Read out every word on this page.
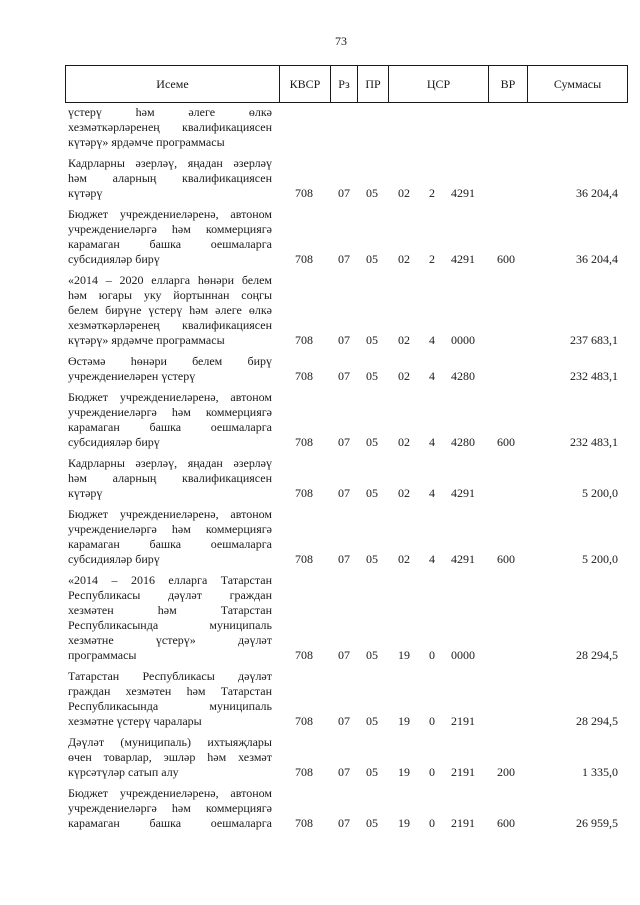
73
Исеме	КВСР	Рз	ПР	ЦСР	ВР	Суммасы
үстерү һәм әлеге өлкә
хезмәткәрләренең квалификациясен
күтәрү» ярдәмче программасы
Кадрларны әзерләү, яңадан әзерләү
һәм аларның квалификациясен
күтәрү	708	07	05	02	2	4291	36 204,4
Бюджет учреждениеләренә, автоном
учреждениеләргә һәм коммерциягә
карамаган башка оешмаларга
субсидияләр бирү	708	07	05	02	2	4291	600	36 204,4
«2014 – 2020 елларга һөнәри белем
һәм югары уку йортыннан соңгы
белем бирүне үстерү һәм әлеге өлкә
хезмәткәрләренең квалификациясен
күтәрү» ярдәмче программасы	708	07	05	02	4	0000	237 683,1
Өстәмә һөнәри белем бирү
учреждениеләрен үстерү	708	07	05	02	4	4280	232 483,1
Бюджет учреждениеләренә, автоном
учреждениеләргә һәм коммерциягә
карамаган башка оешмаларга
субсидияләр бирү	708	07	05	02	4	4280	600	232 483,1
Кадрларны әзерләү, яңадан әзерләү
һәм аларның квалификациясен
күтәрү	708	07	05	02	4	4291	5 200,0
Бюджет учреждениеләренә, автоном
учреждениеләргә һәм коммерциягә
карамаган башка оешмаларга
субсидияләр бирү	708	07	05	02	4	4291	600	5 200,0
«2014 – 2016 елларга Татарстан
Республикасы дәүләт граждан
хезмәтен һәм Татарстан
Республикасында муниципаль
хезмәтне үстерү» дәүләт
программасы	708	07	05	19	0	0000	28 294,5
Татарстан Республикасы дәүләт
граждан хезмәтен һәм Татарстан
Республикасында муниципаль
хезмәтне үстерү чаралары	708	07	05	19	0	2191	28 294,5
Дәүләт (муниципаль) ихтыяҗлары
өчен товарлар, эшләр һәм хезмәт
күрсәтүләр сатып алу	708	07	05	19	0	2191	200	1 335,0
Бюджет учреждениеләренә, автоном
учреждениеләргә һәм коммерциягә
карамаган башка оешмаларга	708	07	05	19	0	2191	600	26 959,5
